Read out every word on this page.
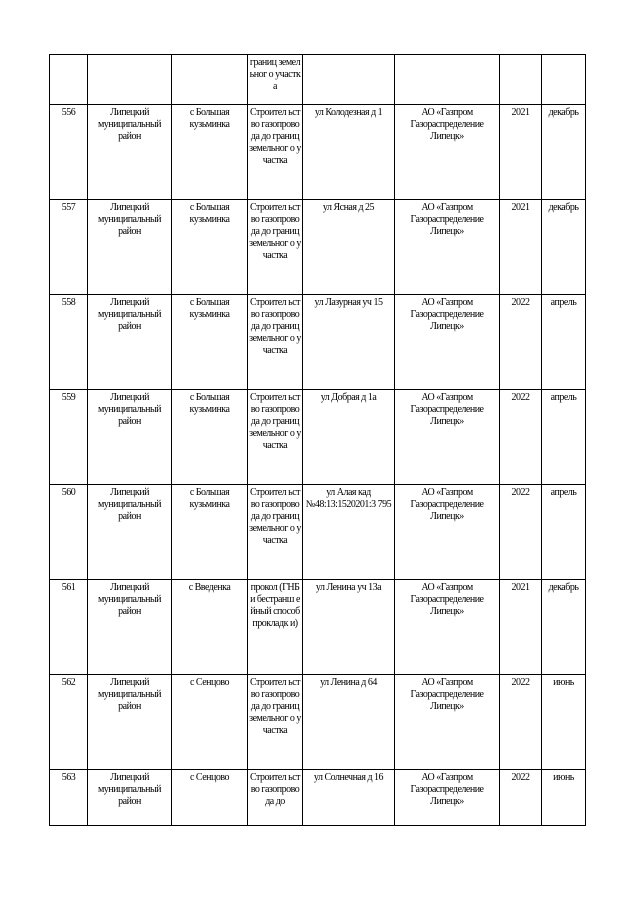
			границ земельног о участка				
556	Липецкий муниципальный район	с Большая кузьминка	Строител ьство газопрово да до границ земельног о участка	ул Колодезная д 1	АО «Газпром Газораспределение Липецк»	2021	декабрь
557	Липецкий муниципальный район	с Большая кузьминка	Строител ьство газопрово да до границ земельног о участка	ул Ясная д 25	АО «Газпром Газораспределение Липецк»	2021	декабрь
558	Липецкий муниципальный район	с Большая кузьминка	Строител ьство газопрово да до границ земельног о участка	ул Лазурная уч 15	АО «Газпром Газораспределение Липецк»	2022	апрель
559	Липецкий муниципальный район	с Большая кузьминка	Строител ьство газопрово да до границ земельног о участка	ул Добрая д 1а	АО «Газпром Газораспределение Липецк»	2022	апрель
560	Липецкий муниципальный район	с Большая кузьминка	Строител ьство газопрово да до границ земельног о участка	ул Алая кад №48:13:1520201:3 795	АО «Газпром Газораспределение Липецк»	2022	апрель
561	Липецкий муниципальный район	с Введенка	прокол (ГНБ и бестранш ейный способ прокладк и)	ул Ленина уч 13а	АО «Газпром Газораспределение Липецк»	2021	декабрь
562	Липецкий муниципальный район	с Сенцово	Строител ьство газопрово да до границ земельног о участка	ул Ленина д 64	АО «Газпром Газораспределение Липецк»	2022	июнь
563	Липецкий муниципальный район	с Сенцово	Строител ьство газопрово да до	ул Солнечная д 16	АО «Газпром Газораспределение Липецк»	2022	июнь
